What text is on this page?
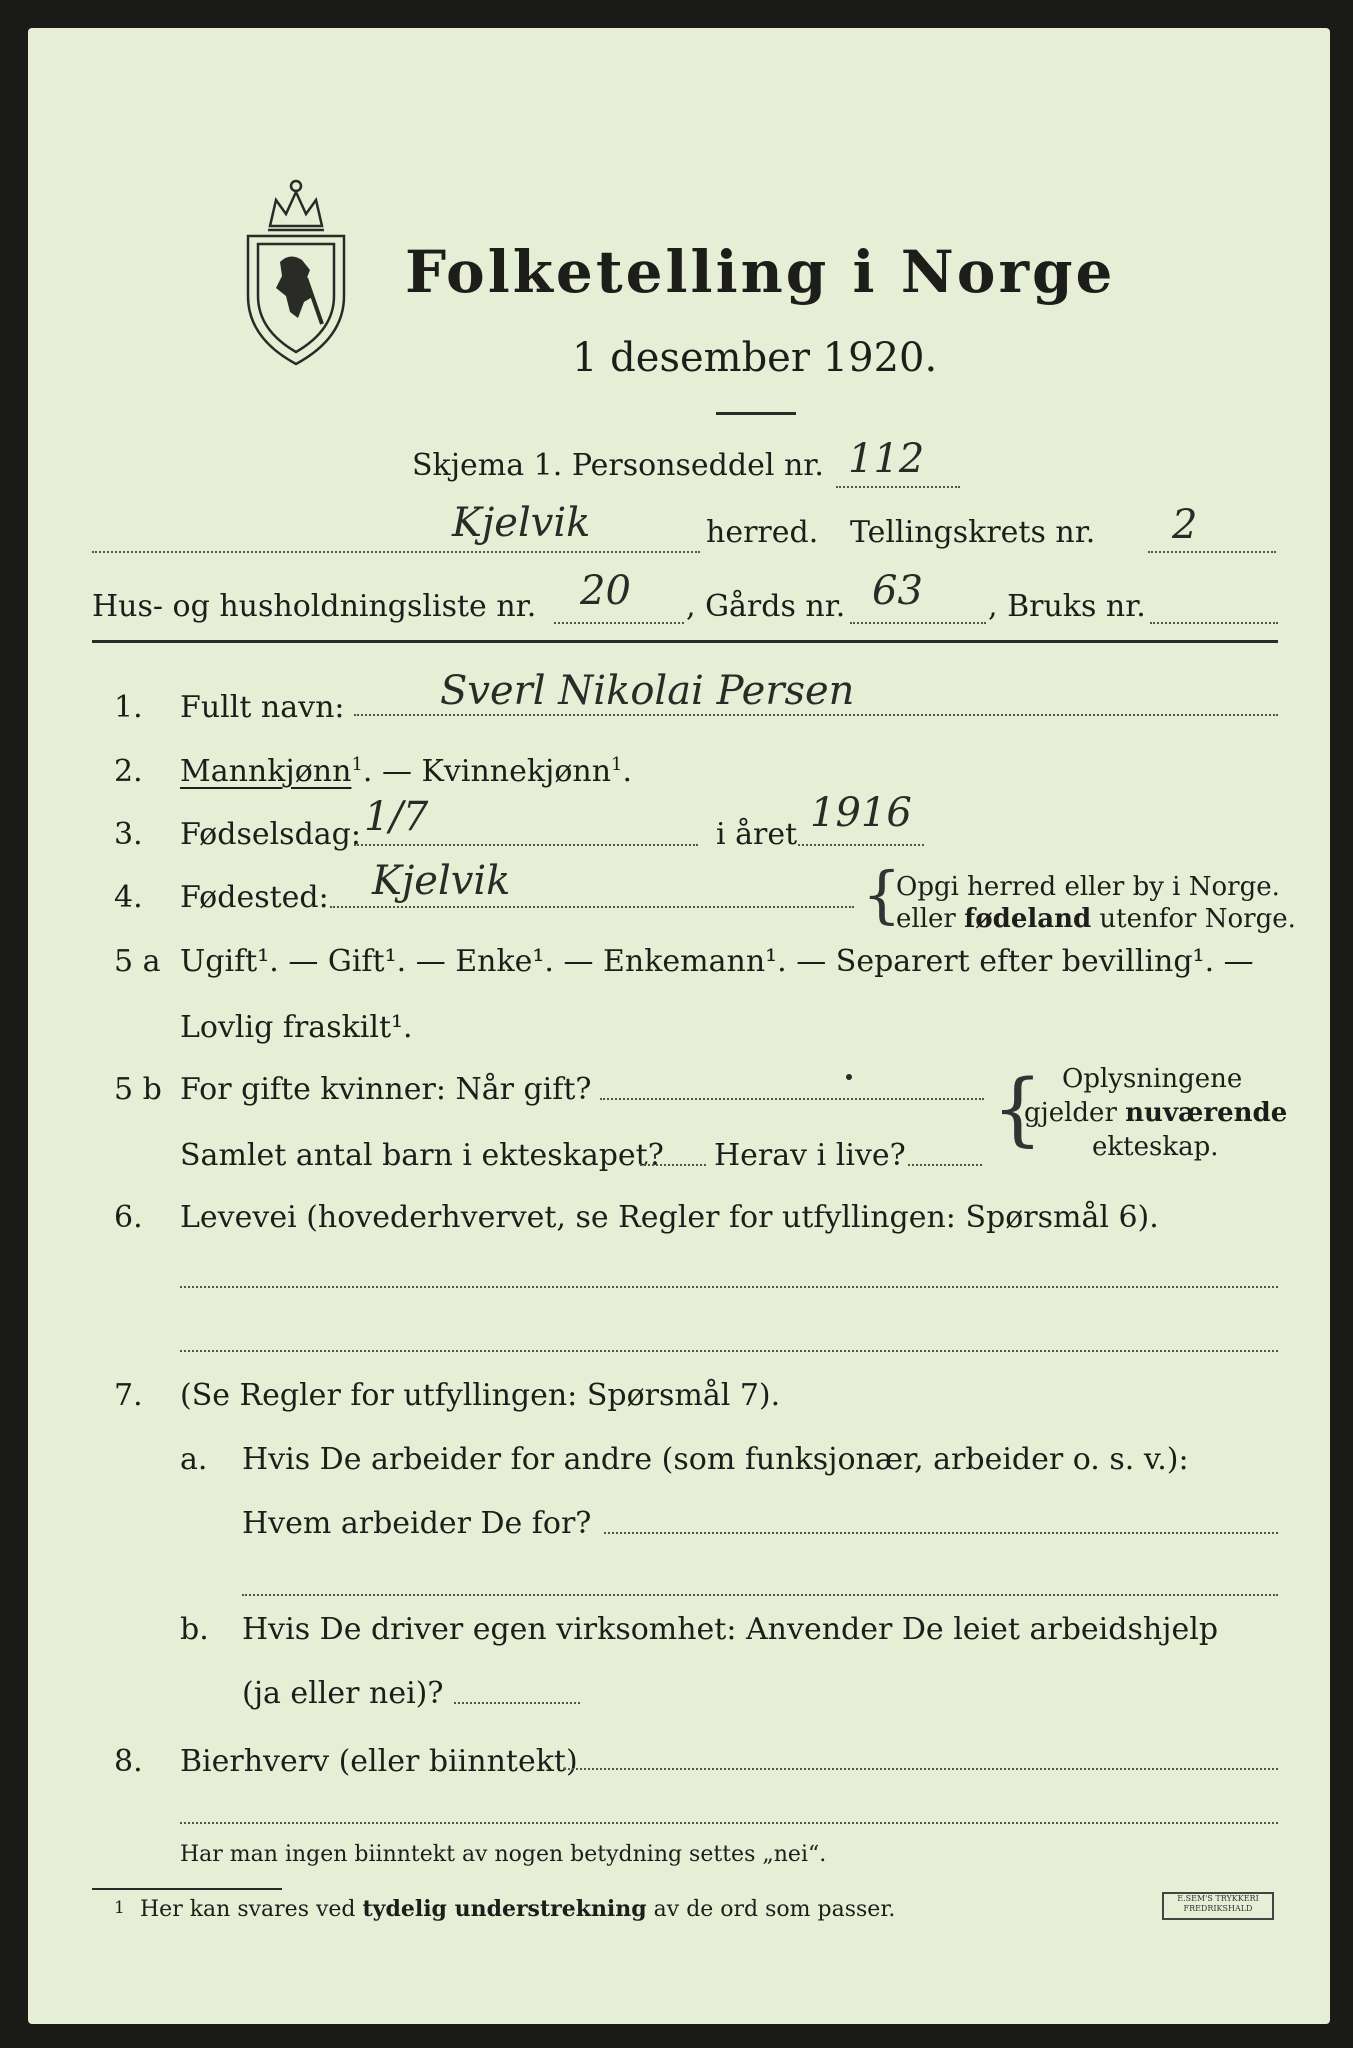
Folketelling i Norge
1 desember 1920.
Skjema 1. Personseddel nr. 112
Kjelvik	herred. Tellingskrets nr. 2
Hus- og husholdningsliste nr. 20 , Gårds nr. 63 , Bruks nr.
1. Fullt navn: Sverl Nikolai Persen
2. Mannkjønn$^1$. — Kvinnekjønn$^1$.
3. Fødselsdag: 1/7	i året 1916
4. Fødested: Kjelvik	{
Opgi herred eller by i Norge.
eller fødeland utenfor Norge.
5 a Ugift¹. — Gift¹. — Enke¹. — Enkemann¹. — Separert efter bevilling¹. —
Lovlig fraskilt¹.
5 b For gifte kvinner: Når gift?
Samlet antal barn i ekteskapet? Herav i live?
{ Oplysningene
gjelder nuværende
ekteskap.
6. Levevei (hovederhvervet, se Regler for utfyllingen: Spørsmål 6).
7. (Se Regler for utfyllingen: Spørsmål 7).
a. Hvis De arbeider for andre (som funksjonær, arbeider o. s. v.):
Hvem arbeider De for?
b. Hvis De driver egen virksomhet: Anvender De leiet arbeidshjelp
(ja eller nei)?
8. Bierhverv (eller biinntekt)
Har man ingen biinntekt av nogen betydning settes „nei“.
1 Her kan svares ved tydelig understrekning av de ord som passer.	E.SEM'S TRYKKERI
FREDRIKSHALD
